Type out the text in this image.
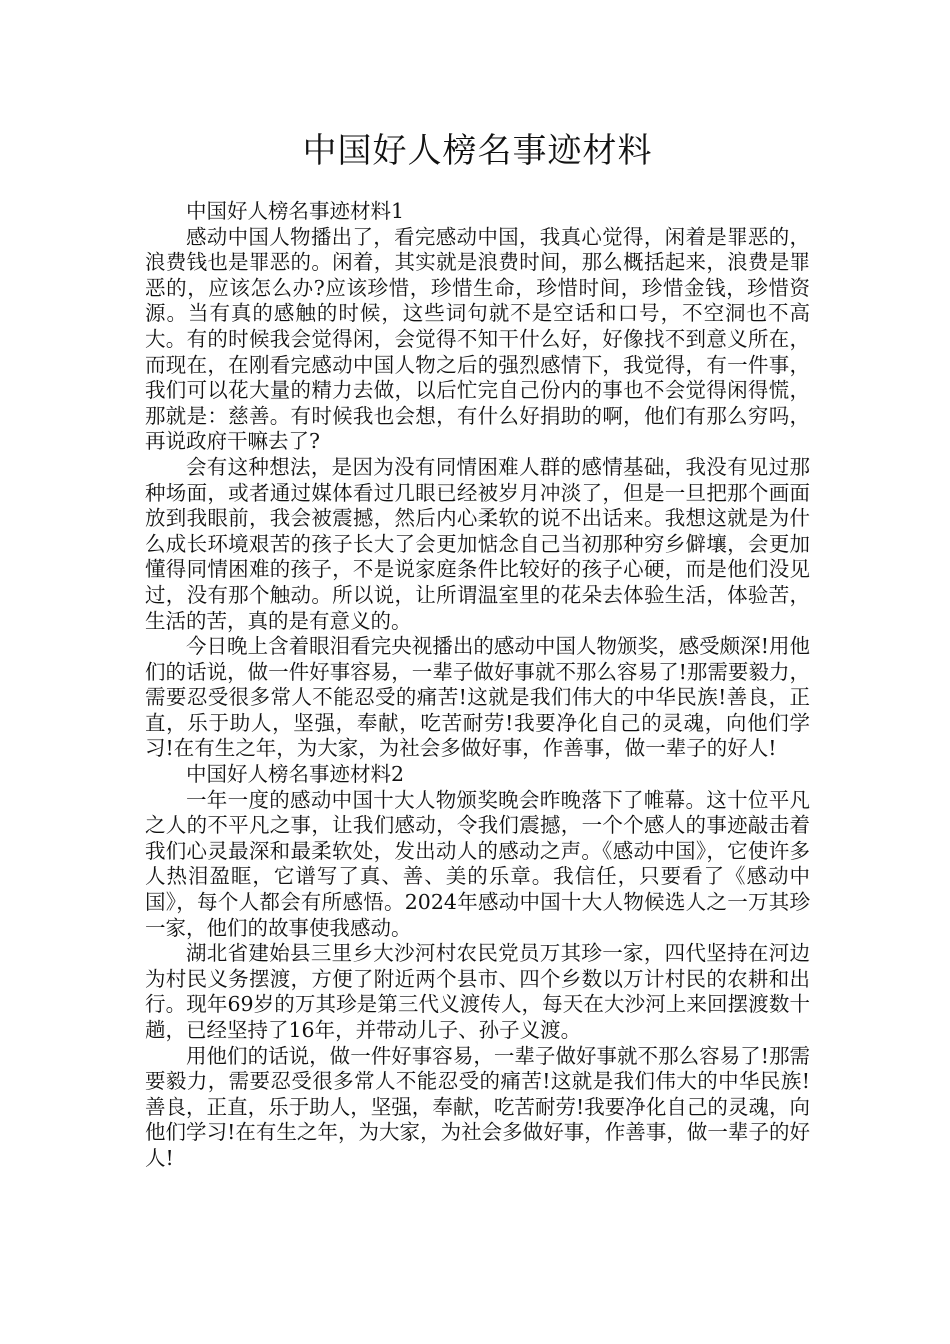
中国好人榜名事迹材料

中国好人榜名事迹材料1

感动中国人物播出了，看完感动中国，我真心觉得，闲着是罪恶的，浪费钱也是罪恶的。闲着，其实就是浪费时间，那么概括起来，浪费是罪恶的，应该怎么办?应该珍惜，珍惜生命，珍惜时间，珍惜金钱，珍惜资源。当有真的感触的时候，这些词句就不是空话和口号，不空洞也不高大。有的时候我会觉得闲，会觉得不知干什么好，好像找不到意义所在，而现在，在刚看完感动中国人物之后的强烈感情下，我觉得，有一件事，我们可以花大量的精力去做，以后忙完自己份内的事也不会觉得闲得慌，那就是：慈善。有时候我也会想，有什么好捐助的啊，他们有那么穷吗，再说政府干嘛去了?

会有这种想法，是因为没有同情困难人群的感情基础，我没有见过那种场面，或者通过媒体看过几眼已经被岁月冲淡了，但是一旦把那个画面放到我眼前，我会被震撼，然后内心柔软的说不出话来。我想这就是为什么成长环境艰苦的孩子长大了会更加惦念自己当初那种穷乡僻壤，会更加懂得同情困难的孩子，不是说家庭条件比较好的孩子心硬，而是他们没见过，没有那个触动。所以说，让所谓温室里的花朵去体验生活，体验苦，生活的苦，真的是有意义的。

今日晚上含着眼泪看完央视播出的感动中国人物颁奖，感受颇深!用他们的话说，做一件好事容易，一辈子做好事就不那么容易了!那需要毅力，需要忍受很多常人不能忍受的痛苦!这就是我们伟大的中华民族!善良，正直，乐于助人，坚强，奉献，吃苦耐劳!我要净化自己的灵魂，向他们学习!在有生之年，为大家，为社会多做好事，作善事，做一辈子的好人!

中国好人榜名事迹材料2

一年一度的感动中国十大人物颁奖晚会昨晚落下了帷幕。这十位平凡之人的不平凡之事，让我们感动，令我们震撼，一个个感人的事迹敲击着我们心灵最深和最柔软处，发出动人的感动之声。《感动中国》，它使许多人热泪盈眶，它谱写了真、善、美的乐章。我信任，只要看了《感动中国》，每个人都会有所感悟。2024年感动中国十大人物候选人之一万其珍一家，他们的故事使我感动。

湖北省建始县三里乡大沙河村农民党员万其珍一家，四代坚持在河边为村民义务摆渡，方便了附近两个县市、四个乡数以万计村民的农耕和出行。现年69岁的万其珍是第三代义渡传人，每天在大沙河上来回摆渡数十趟，已经坚持了16年，并带动儿子、孙子义渡。

用他们的话说，做一件好事容易，一辈子做好事就不那么容易了!那需要毅力，需要忍受很多常人不能忍受的痛苦!这就是我们伟大的中华民族!善良，正直，乐于助人，坚强，奉献，吃苦耐劳!我要净化自己的灵魂，向他们学习!在有生之年，为大家，为社会多做好事，作善事，做一辈子的好人!
